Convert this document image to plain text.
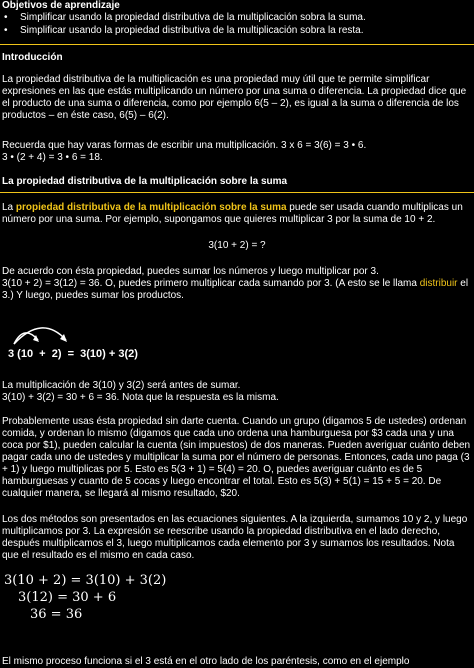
Objetivos de aprendizaje
• Simplificar usando la propiedad distributiva de la multiplicación sobra la suma.
• Simplificar usando la propiedad distributiva de la multiplicación sobra la resta.
Introducción

La propiedad distributiva de la multiplicación es una propiedad muy útil que te permite simplificar expresiones en las que estás multiplicando un número por una suma o diferencia. La propiedad dice que el producto de una suma o diferencia, como por ejemplo 6(5 – 2), es igual a la suma o diferencia de los productos – en éste caso, 6(5) – 6(2).

Recuerda que hay varas formas de escribir una multiplicación. 3 x 6 = 3(6) = 3 • 6.

3 • (2 + 4) = 3 • 6 = 18.

La propiedad distributiva de la multiplicación sobre la suma

La propiedad distributiva de la multiplicación sobre la suma puede ser usada cuando multiplicas un número por una suma. Por ejemplo, supongamos que quieres multiplicar 3 por la suma de 10 + 2.

3(10 + 2) = ?

De acuerdo con ésta propiedad, puedes sumar los números y luego multiplicar por 3.

3(10 + 2) = 3(12) = 36. O, puedes primero multiplicar cada sumando por 3. (A esto se le llama distribuir el 3.) Y luego, puedes sumar los productos.

3 (10  +  2)  =  3(10) + 3(2)

La multiplicación de 3(10) y 3(2) será antes de sumar.

3(10) + 3(2) = 30 + 6 = 36. Nota que la respuesta es la misma.

Probablemente usas ésta propiedad sin darte cuenta. Cuando un grupo (digamos 5 de ustedes) ordenan comida, y ordenan lo mismo (digamos que cada uno ordena una hamburguesa por $3 cada una y una coca por $1), pueden calcular la cuenta (sin impuestos) de dos maneras. Pueden averiguar cuánto deben pagar cada uno de ustedes y multiplicar la suma por el número de personas. Entonces, cada uno paga (3 + 1) y luego multiplicas por 5. Esto es 5(3 + 1) = 5(4) = 20. O, puedes averiguar cuánto es de 5 hamburguesas y cuanto de 5 cocas y luego encontrar el total. Esto es 5(3) + 5(1) = 15 + 5 = 20. De cualquier manera, se llegará al mismo resultado, $20.

Los dos métodos son presentados en las ecuaciones siguientes. A la izquierda, sumamos 10 y 2, y luego multiplicamos por 3. La expresión se reescribe usando la propiedad distributiva en el lado derecho, después multiplicamos el 3, luego multiplicamos cada elemento por 3 y sumamos los resultados. Nota que el resultado es el mismo en cada caso.

3(10 + 2) = 3(10) + 3(2)
3(12) = 30 + 6
36 = 36

El mismo proceso funciona si el 3 está en el otro lado de los paréntesis, como en el ejemplo
